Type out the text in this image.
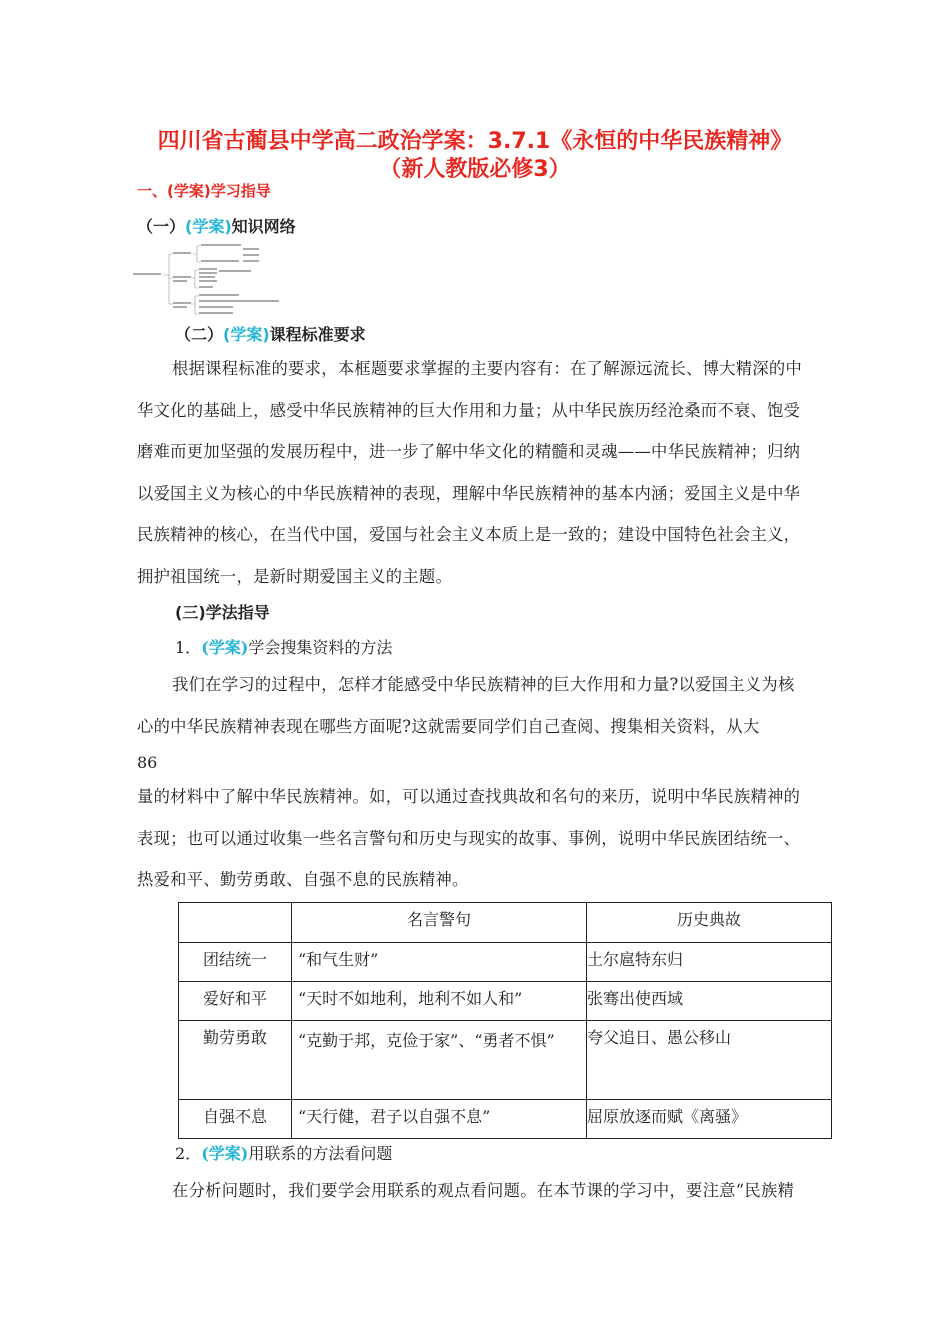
四川省古蔺县中学高二政治学案：3.7.1《永恒的中华民族精神》
（新人教版必修3）
一、(学案)学习指导
（一）(学案)知识网络
（二）(学案)课程标准要求
根据课程标准的要求，本框题要求掌握的主要内容有：在了解源远流长、博大精深的中
华文化的基础上，感受中华民族精神的巨大作用和力量；从中华民族历经沧桑而不衰、饱受
磨难而更加坚强的发展历程中，进一步了解中华文化的精髓和灵魂——中华民族精神；归纳
以爱国主义为核心的中华民族精神的表现，理解中华民族精神的基本内涵；爱国主义是中华
民族精神的核心，在当代中国，爱国与社会主义本质上是一致的；建设中国特色社会主义，
拥护祖国统一，是新时期爱国主义的主题。
(三)学法指导
1．(学案)学会搜集资料的方法
我们在学习的过程中，怎样才能感受中华民族精神的巨大作用和力量?以爱国主义为核
心的中华民族精神表现在哪些方面呢?这就需要同学们自己查阅、搜集相关资料，从大
86
量的材料中了解中华民族精神。如，可以通过查找典故和名句的来历，说明中华民族精神的
表现；也可以通过收集一些名言警句和历史与现实的故事、事例，说明中华民族团结统一、
热爱和平、勤劳勇敢、自强不息的民族精神。
	名言警句	历史典故
团结统一	“和气生财”	土尔扈特东归
爱好和平	“天时不如地利，地利不如人和”	张骞出使西域
勤劳勇敢	“克勤于邦，克俭于家”、“勇者不惧”	夸父追日、愚公移山
自强不息	“天行健，君子以自强不息”	屈原放逐而赋《离骚》
2．(学案)用联系的方法看问题
在分析问题时，我们要学会用联系的观点看问题。在本节课的学习中，要注意“民族精
